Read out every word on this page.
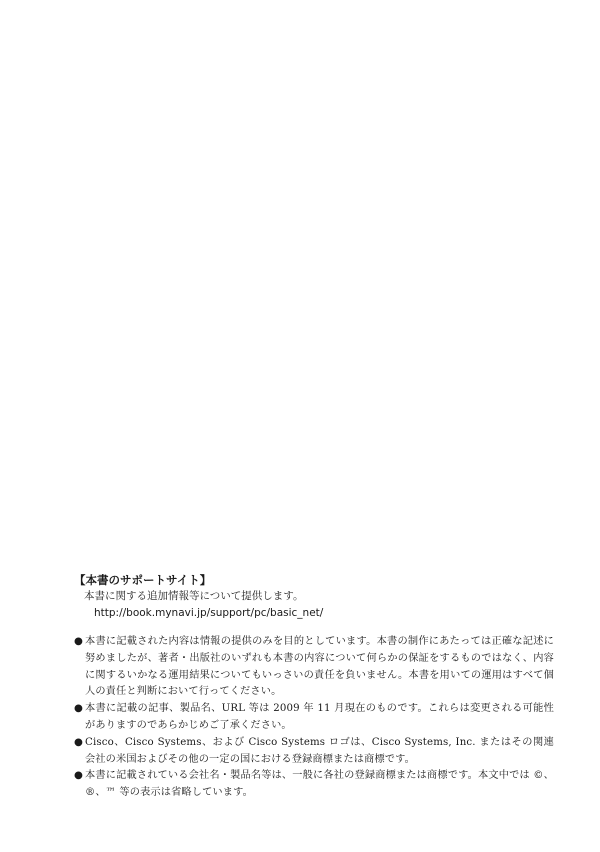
【本書のサポートサイト】
本書に関する追加情報等について提供します。
http://book.mynavi.jp/support/pc/basic_net/
● 本書に記載された内容は情報の提供のみを目的としています。本書の制作にあたっては正確な記述に努めましたが、著者・出版社のいずれも本書の内容について何らかの保証をするものではなく、内容に関するいかなる運用結果についてもいっさいの責任を負いません。本書を用いての運用はすべて個人の責任と判断において行ってください。
● 本書に記載の記事、製品名、URL 等は 2009 年 11 月現在のものです。これらは変更される可能性がありますのであらかじめご了承ください。
● Cisco、Cisco Systems、および Cisco Systems ロゴは、Cisco Systems, Inc. またはその関連会社の米国およびその他の一定の国における登録商標または商標です。
● 本書に記載されている会社名・製品名等は、一般に各社の登録商標または商標です。本文中では ©、®、™ 等の表示は省略しています。
